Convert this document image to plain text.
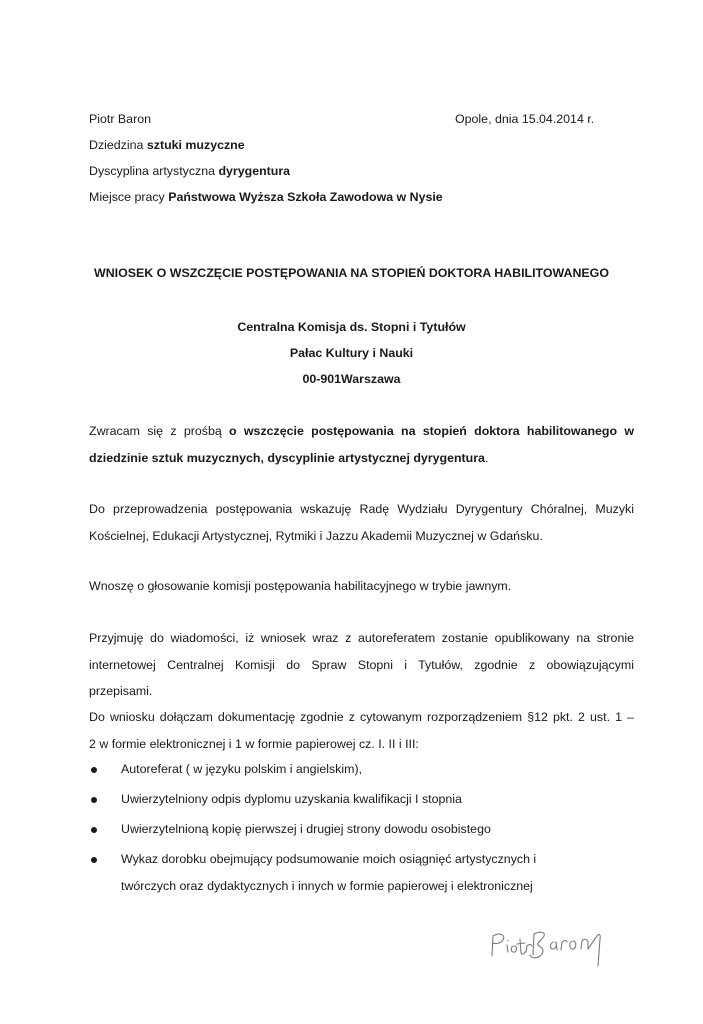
Piotr Baron	Opole, dnia 15.04.2014 r.
Dziedzina sztuki muzyczne
Dyscyplina artystyczna dyrygentura
Miejsce pracy Państwowa Wyższa Szkoła Zawodowa w Nysie
WNIOSEK O WSZCZĘCIE POSTĘPOWANIA NA STOPIEŃ DOKTORA HABILITOWANEGO
Centralna Komisja ds. Stopni i Tytułów
Pałac Kultury i Nauki
00-901Warszawa
Zwracam się z prośbą o wszczęcie postępowania na stopień doktora habilitowanego w
dziedzinie sztuk muzycznych, dyscyplinie artystycznej dyrygentura.
Do przeprowadzenia postępowania wskazuję Radę Wydziału Dyrygentury Chóralnej, Muzyki
Kościelnej, Edukacji Artystycznej, Rytmiki i Jazzu Akademii Muzycznej w Gdańsku.
Wnoszę o głosowanie komisji postępowania habilitacyjnego w trybie jawnym.
Przyjmuję do wiadomości, iż wniosek wraz z autoreferatem zostanie opublikowany na stronie
internetowej Centralnej Komisji do Spraw Stopni i Tytułów, zgodnie z obowiązującymi
przepisami.
Do wniosku dołączam dokumentację zgodnie z cytowanym rozporządzeniem §12 pkt. 2 ust. 1 –
2 w formie elektronicznej i 1 w formie papierowej cz. I. II i III:
Autoreferat ( w języku polskim i angielskim),
Uwierzytelniony odpis dyplomu uzyskania kwalifikacji I stopnia
Uwierzytelnioną kopię pierwszej i drugiej strony dowodu osobistego
Wykaz dorobku obejmujący podsumowanie moich osiągnięć artystycznych i
twórczych oraz dydaktycznych i innych w formie papierowej i elektronicznej
